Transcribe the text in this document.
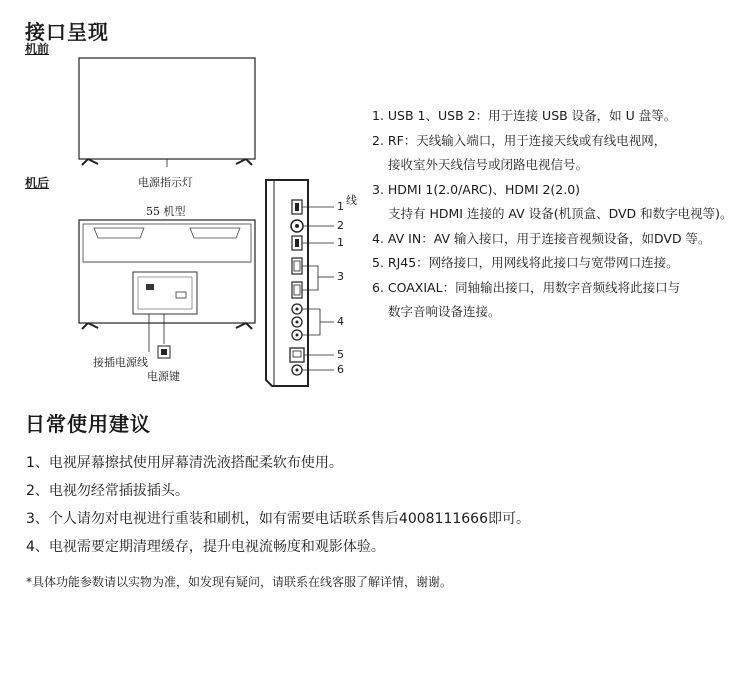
接口呈现
机前
机后	电源指示灯
55 机型
接插电源线
电源键
线
1
2
1
3
4
5
6
1. USB 1、USB 2：用于连接 USB 设备，如 U 盘等。
2. RF：天线输入端口，用于连接天线或有线电视网，
接收室外天线信号或闭路电视信号。
3. HDMI 1(2.0/ARC)、HDMI 2(2.0)
支持有 HDMI 连接的 AV 设备(机顶盒、DVD 和数字电视等)。
4. AV IN：AV 输入接口，用于连接音视频设备，如DVD 等。
5. RJ45：网络接口，用网线将此接口与宽带网口连接。
6. COAXIAL：同轴输出接口，用数字音频线将此接口与
数字音响设备连接。
日常使用建议
1、电视屏幕擦拭使用屏幕清洗液搭配柔软布使用。
2、电视勿经常插拔插头。
3、个人请勿对电视进行重装和刷机，如有需要电话联系售后4008111666即可。
4、电视需要定期清理缓存，提升电视流畅度和观影体验。
*具体功能参数请以实物为准，如发现有疑问，请联系在线客服了解详情，谢谢。
